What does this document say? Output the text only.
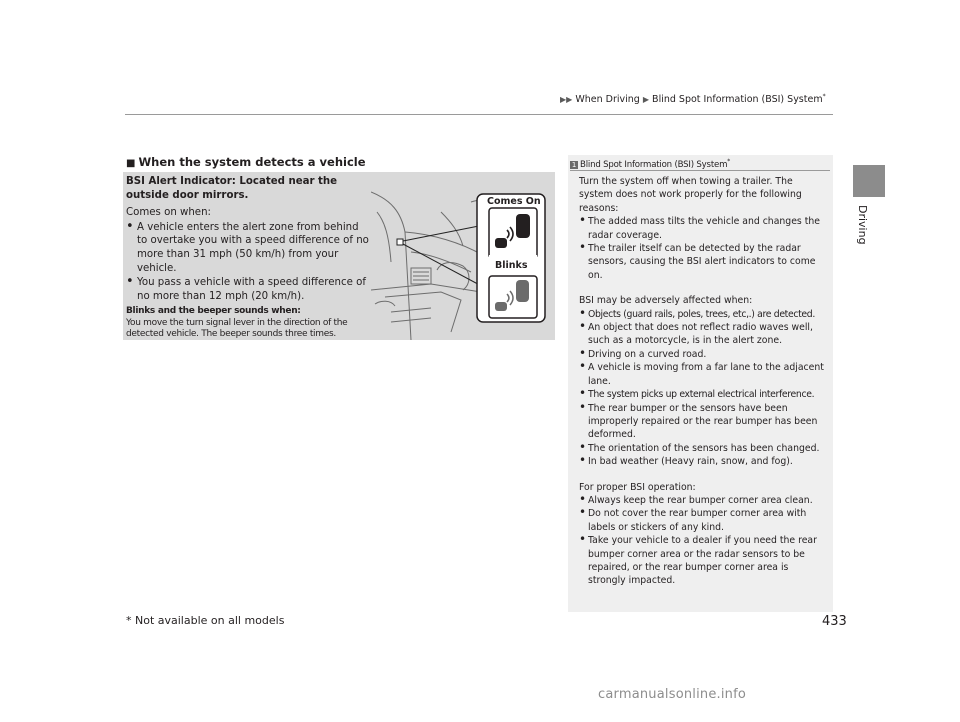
▶▶ When Driving ▶ Blind Spot Information (BSI) System*
Driving
■ When the system detects a vehicle
BSI Alert Indicator: Located near the outside door mirrors.
Comes on when:
• A vehicle enters the alert zone from behind to overtake you with a speed difference of no more than 31 mph (50 km/h) from your vehicle.
• You pass a vehicle with a speed difference of no more than 12 mph (20 km/h).
Blinks and the beeper sounds when:
You move the turn signal lever in the direction of the detected vehicle. The beeper sounds three times.
Comes On
Blinks
1 Blind Spot Information (BSI) System*

Turn the system off when towing a trailer. The system does not work properly for the following reasons:

• The added mass tilts the vehicle and changes the radar coverage.
• The trailer itself can be detected by the radar sensors, causing the BSI alert indicators to come on.

BSI may be adversely affected when:

• Objects (guard rails, poles, trees, etc,.) are detected.
• An object that does not reflect radio waves well, such as a motorcycle, is in the alert zone.
• Driving on a curved road.
• A vehicle is moving from a far lane to the adjacent lane.
• The system picks up external electrical interference.
• The rear bumper or the sensors have been improperly repaired or the rear bumper has been deformed.
• The orientation of the sensors has been changed.
• In bad weather (Heavy rain, snow, and fog).

For proper BSI operation:

• Always keep the rear bumper corner area clean.
• Do not cover the rear bumper corner area with labels or stickers of any kind.
• Take your vehicle to a dealer if you need the rear bumper corner area or the radar sensors to be repaired, or the rear bumper corner area is strongly impacted.
* Not available on all models	433
carmanualsonline.info
